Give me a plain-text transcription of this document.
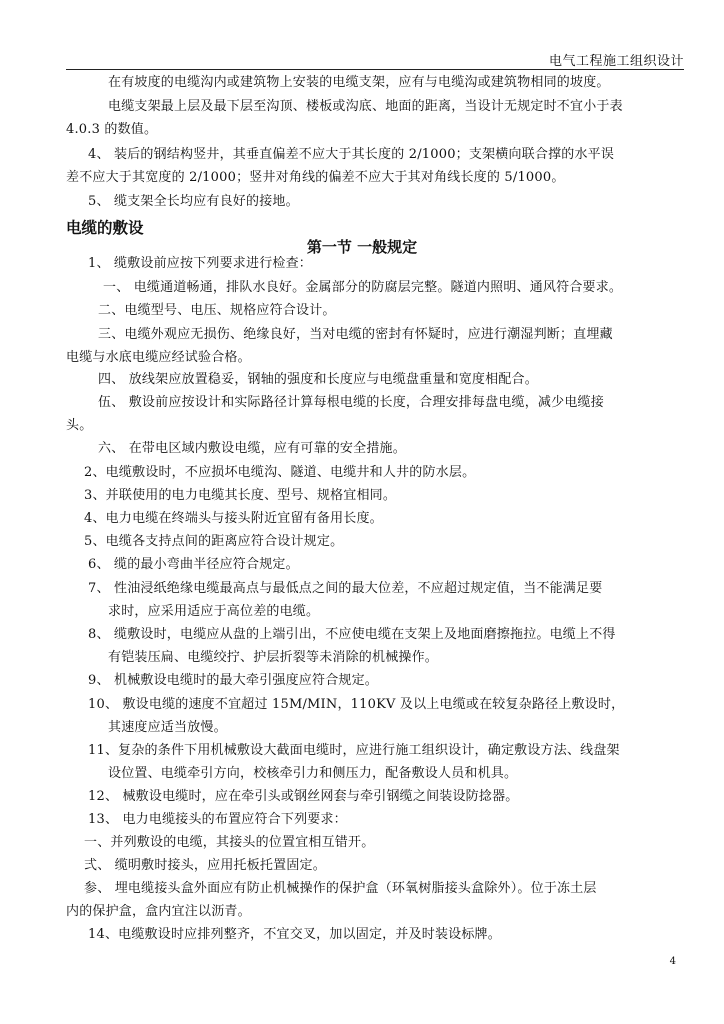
电气工程施工组织设计
在有坡度的电缆沟内或建筑物上安装的电缆支架，应有与电缆沟或建筑物相同的坡度。
电缆支架最上层及最下层至沟顶、楼板或沟底、地面的距离，当设计无规定时不宜小于表
4.0.3 的数值。
4、 装后的钢结构竖井，其垂直偏差不应大于其长度的 2/1000；支架横向联合撑的水平误
差不应大于其宽度的 2/1000；竖井对角线的偏差不应大于其对角线长度的 5/1000。
5、 缆支架全长均应有良好的接地。
电缆的敷设
第一节 一般规定
1、 缆敷设前应按下列要求进行检查：
一、 电缆通道畅通，排队水良好。金属部分的防腐层完整。隧道内照明、通风符合要求。
二、电缆型号、电压、规格应符合设计。
三、电缆外观应无损伤、绝缘良好，当对电缆的密封有怀疑时，应进行潮湿判断；直埋藏
电缆与水底电缆应经试验合格。
四、 放线架应放置稳妥，钢轴的强度和长度应与电缆盘重量和宽度相配合。
伍、 敷设前应按设计和实际路径计算每根电缆的长度，合理安排每盘电缆，减少电缆接
头。
六、 在带电区域内敷设电缆，应有可靠的安全措施。
2、电缆敷设时，不应损坏电缆沟、隧道、电缆井和人井的防水层。
3、并联使用的电力电缆其长度、型号、规格宜相同。
4、电力电缆在终端头与接头附近宜留有备用长度。
5、电缆各支持点间的距离应符合设计规定。
6、 缆的最小弯曲半径应符合规定。
7、 性油浸纸绝缘电缆最高点与最低点之间的最大位差，不应超过规定值，当不能满足要
求时，应采用适应于高位差的电缆。
8、 缆敷设时，电缆应从盘的上端引出，不应使电缆在支架上及地面磨擦拖拉。电缆上不得
有铠装压扁、电缆绞拧、护层折裂等未消除的机械操作。
9、 机械敷设电缆时的最大牵引强度应符合规定。
10、 敷设电缆的速度不宜超过 15M/MIN，110KV 及以上电缆或在较复杂路径上敷设时，
其速度应适当放慢。
11、复杂的条件下用机械敷设大截面电缆时，应进行施工组织设计，确定敷设方法、线盘架
设位置、电缆牵引方向，校核牵引力和侧压力，配备敷设人员和机具。
12、 械敷设电缆时，应在牵引头或钢丝网套与牵引钢缆之间装设防捻器。
13、 电力电缆接头的布置应符合下列要求：
一、并列敷设的电缆，其接头的位置宜相互错开。
弍、 缆明敷时接头，应用托板托置固定。
参、 埋电缆接头盒外面应有防止机械操作的保护盒（环氧树脂接头盒除外）。位于冻土层
内的保护盒，盒内宜注以沥青。
14、电缆敷设时应排列整齐，不宜交叉，加以固定，并及时装设标牌。
4
